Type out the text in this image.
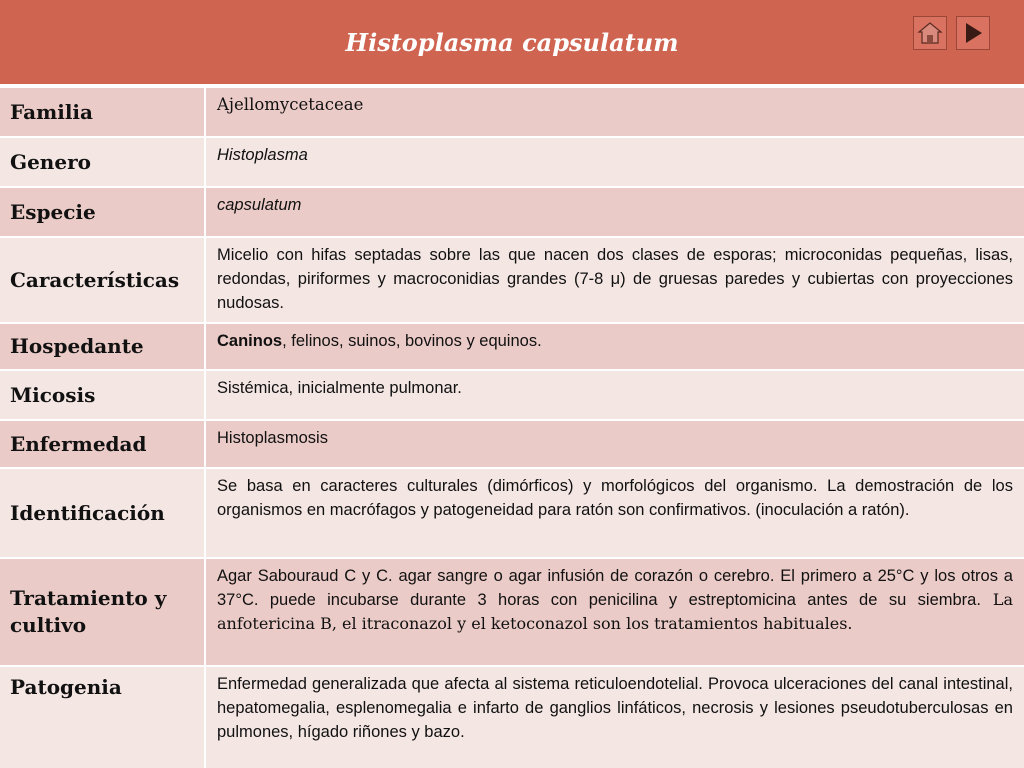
Histoplasma capsulatum
Familia	Ajellomycetaceae
Genero	Histoplasma
Especie	capsulatum
Características	Micelio con hifas septadas sobre las que nacen dos clases de esporas; microconidas pequeñas, lisas, redondas, piriformes y macroconidias grandes (7-8 μ) de gruesas paredes y cubiertas con proyecciones nudosas.
Hospedante	Caninos, felinos, suinos, bovinos y equinos.
Micosis	Sistémica, inicialmente pulmonar.
Enfermedad	Histoplasmosis
Identificación	Se basa en caracteres culturales (dimórficos) y morfológicos del organismo. La demostración de los organismos en macrófagos y patogeneidad para ratón son confirmativos. (inoculación a ratón).
Tratamiento y cultivo	Agar Sabouraud C y C. agar sangre o agar infusión de corazón o cerebro. El primero a 25°C y los otros a 37°C. puede incubarse durante 3 horas con penicilina y estreptomicina antes de su siembra. La anfotericina B, el itraconazol y el ketoconazol son los tratamientos habituales.
Patogenia	Enfermedad generalizada que afecta al sistema reticuloendotelial. Provoca ulceraciones del canal intestinal, hepatomegalia, esplenomegalia e infarto de ganglios linfáticos, necrosis y lesiones pseudotuberculosas en pulmones, hígado riñones y bazo.
